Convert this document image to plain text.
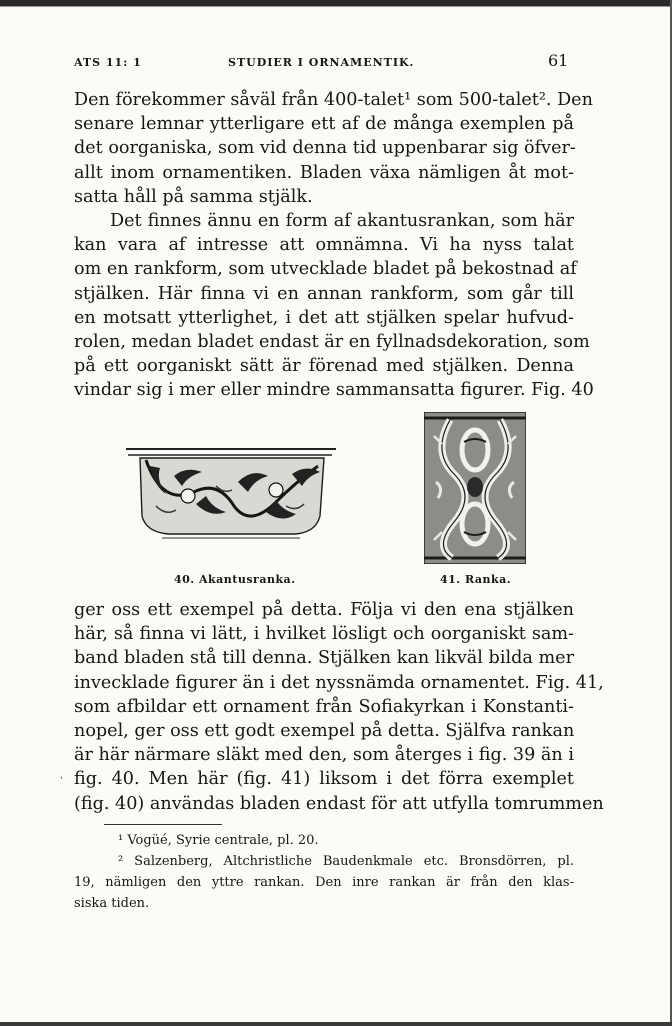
ATS 11: 1	STUDIER I ORNAMENTIK.	61
Den förekommer såväl från 400-talet¹ som 500-talet². Den
senare lemnar ytterligare ett af de många exemplen på
det oorganiska, som vid denna tid uppenbarar sig öfver-
allt inom ornamentiken. Bladen växa nämligen åt mot-
satta håll på samma stjälk.
Det finnes ännu en form af akantusrankan, som här
kan vara af intresse att omnämna. Vi ha nyss talat
om en rankform, som utvecklade bladet på bekostnad af
stjälken. Här finna vi en annan rankform, som går till
en motsatt ytterlighet, i det att stjälken spelar hufvud-
rolen, medan bladet endast är en fyllnadsdekoration, som
på ett oorganiskt sätt är förenad med stjälken. Denna
vindar sig i mer eller mindre sammansatta figurer. Fig. 40
40. Akantusranka.	41. Ranka.
ger oss ett exempel på detta. Följa vi den ena stjälken
här, så finna vi lätt, i hvilket lösligt och oorganiskt sam-
band bladen stå till denna. Stjälken kan likväl bilda mer
invecklade figurer än i det nyssnämda ornamentet. Fig. 41,
som afbildar ett ornament från Sofiakyrkan i Konstanti-
nopel, ger oss ett godt exempel på detta. Själfva rankan
är här närmare släkt med den, som återges i fig. 39 än i
fig. 40. Men här (fig. 41) liksom i det förra exemplet
(fig. 40) användas bladen endast för att utfylla tomrummen
‛
¹ Vogüé, Syrie centrale, pl. 20.
² Salzenberg, Altchristliche Baudenkmale etc. Bronsdörren, pl.
19, nämligen den yttre rankan. Den inre rankan är från den klas-
siska tiden.
